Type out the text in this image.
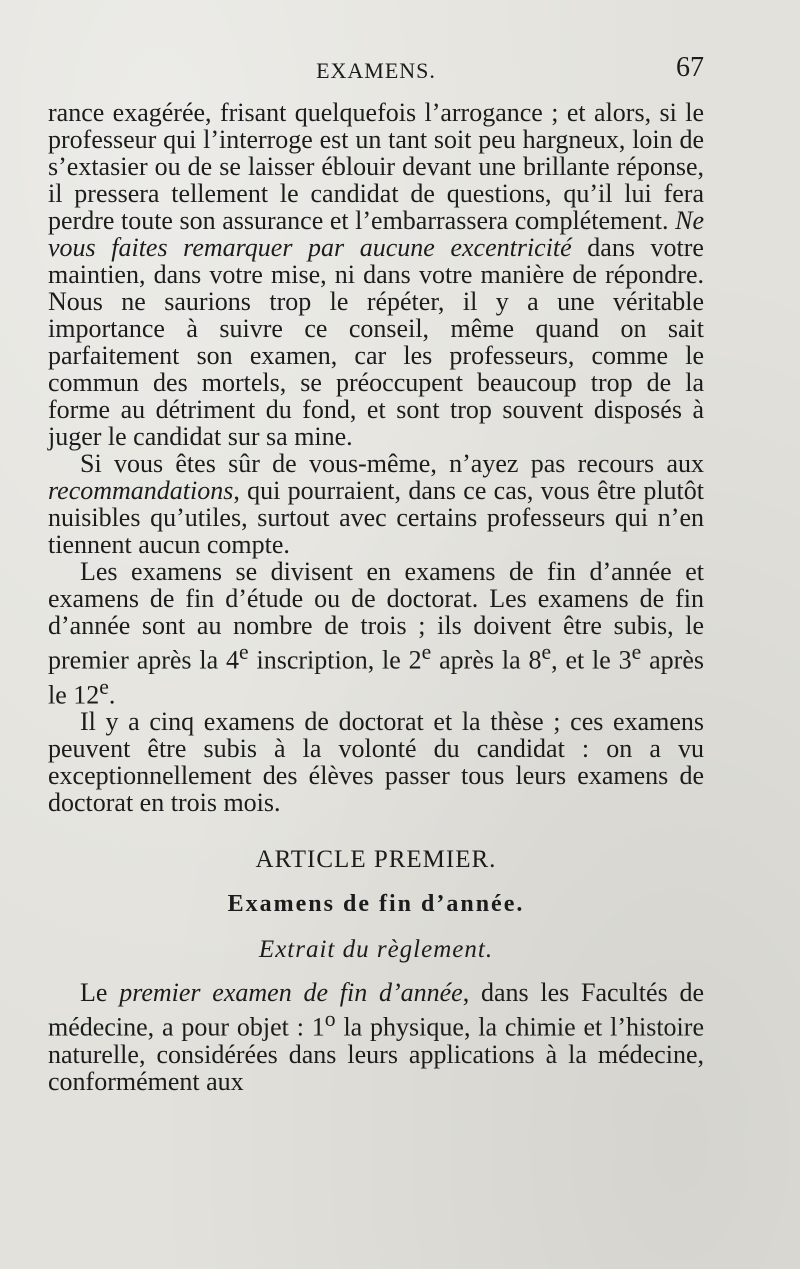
EXAMENS.	67

rance exagérée, frisant quelquefois l’arrogance ; et alors, si le professeur qui l’interroge est un tant soit peu hargneux, loin de s’extasier ou de se laisser éblouir devant une brillante réponse, il pressera tellement le candidat de questions, qu’il lui fera perdre toute son assurance et l’embarrassera complétement. Ne vous faites remarquer par aucune excentricité dans votre maintien, dans votre mise, ni dans votre manière de répondre. Nous ne saurions trop le répéter, il y a une véritable importance à suivre ce conseil, même quand on sait parfaitement son examen, car les professeurs, comme le commun des mortels, se préoccupent beaucoup trop de la forme au détriment du fond, et sont trop souvent disposés à juger le candidat sur sa mine.

Si vous êtes sûr de vous-même, n’ayez pas recours aux recommandations, qui pourraient, dans ce cas, vous être plutôt nuisibles qu’utiles, surtout avec certains professeurs qui n’en tiennent aucun compte.

Les examens se divisent en examens de fin d’année et examens de fin d’étude ou de doctorat. Les examens de fin d’année sont au nombre de trois ; ils doivent être subis, le premier après la 4e inscription, le 2e après la 8e, et le 3e après le 12e.

Il y a cinq examens de doctorat et la thèse ; ces examens peuvent être subis à la volonté du candidat : on a vu exceptionnellement des élèves passer tous leurs examens de doctorat en trois mois.

ARTICLE PREMIER.

Examens de fin d’année.

Extrait du règlement.

Le premier examen de fin d’année, dans les Facultés de médecine, a pour objet : 1$^o$ la physique, la chimie et l’histoire naturelle, considérées dans leurs applications à la médecine, conformément aux
